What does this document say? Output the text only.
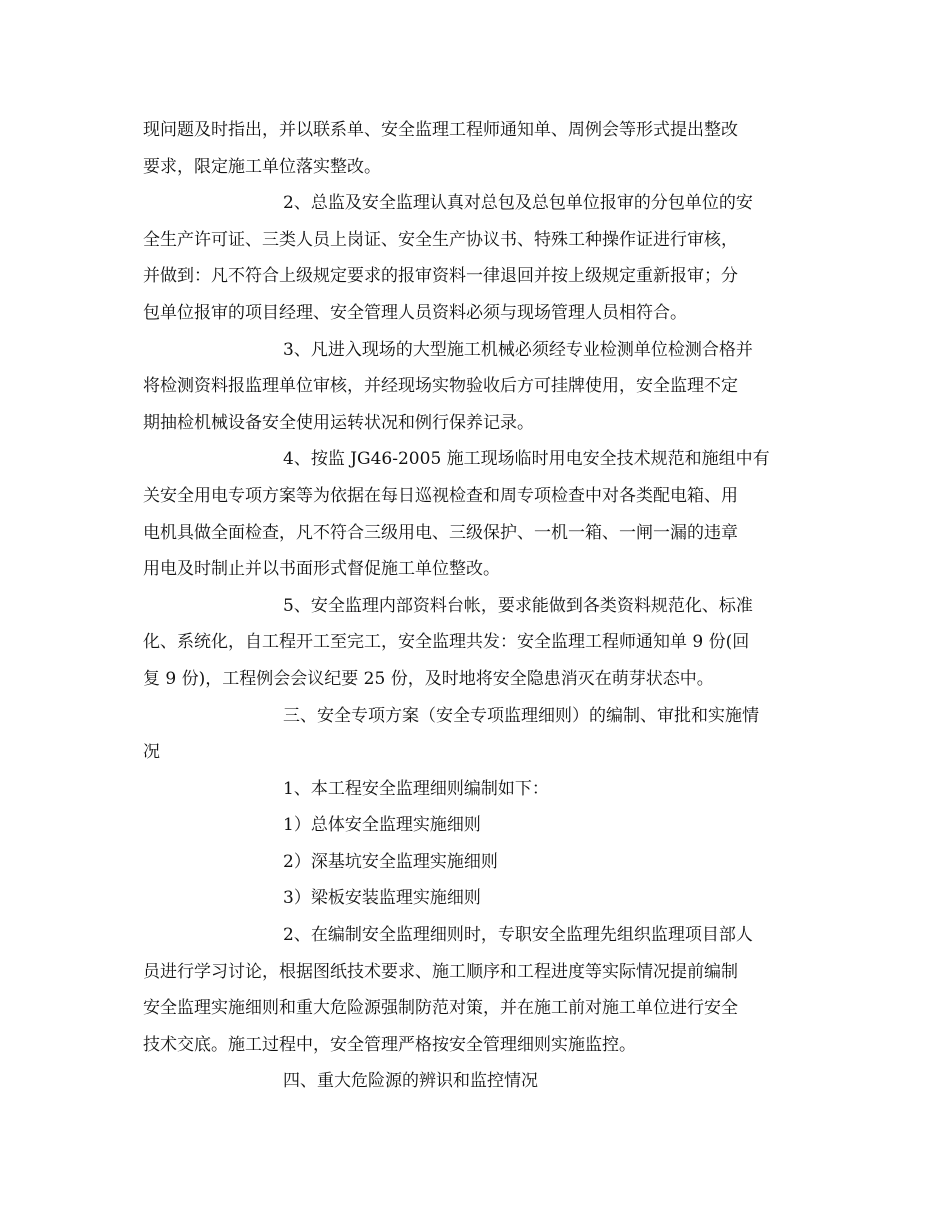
现问题及时指出，并以联系单、安全监理工程师通知单、周例会等形式提出整改
要求，限定施工单位落实整改。
2、总监及安全监理认真对总包及总包单位报审的分包单位的安
全生产许可证、三类人员上岗证、安全生产协议书、特殊工种操作证进行审核，
并做到：凡不符合上级规定要求的报审资料一律退回并按上级规定重新报审；分
包单位报审的项目经理、安全管理人员资料必须与现场管理人员相符合。
3、凡进入现场的大型施工机械必须经专业检测单位检测合格并
将检测资料报监理单位审核，并经现场实物验收后方可挂牌使用，安全监理不定
期抽检机械设备安全使用运转状况和例行保养记录。
4、按监 JG46-2005 施工现场临时用电安全技术规范和施组中有
关安全用电专项方案等为依据在每日巡视检查和周专项检查中对各类配电箱、用
电机具做全面检查，凡不符合三级用电、三级保护、一机一箱、一闸一漏的违章
用电及时制止并以书面形式督促施工单位整改。
5、安全监理内部资料台帐，要求能做到各类资料规范化、标准
化、系统化，自工程开工至完工，安全监理共发：安全监理工程师通知单 9 份(回
复 9 份)，工程例会会议纪要 25 份，及时地将安全隐患消灭在萌芽状态中。
三、安全专项方案（安全专项监理细则）的编制、审批和实施情
况
1、本工程安全监理细则编制如下：
1）总体安全监理实施细则
2）深基坑安全监理实施细则
3）梁板安装监理实施细则
2、在编制安全监理细则时，专职安全监理先组织监理项目部人
员进行学习讨论，根据图纸技术要求、施工顺序和工程进度等实际情况提前编制
安全监理实施细则和重大危险源强制防范对策，并在施工前对施工单位进行安全
技术交底。施工过程中，安全管理严格按安全管理细则实施监控。
四、重大危险源的辨识和监控情况
